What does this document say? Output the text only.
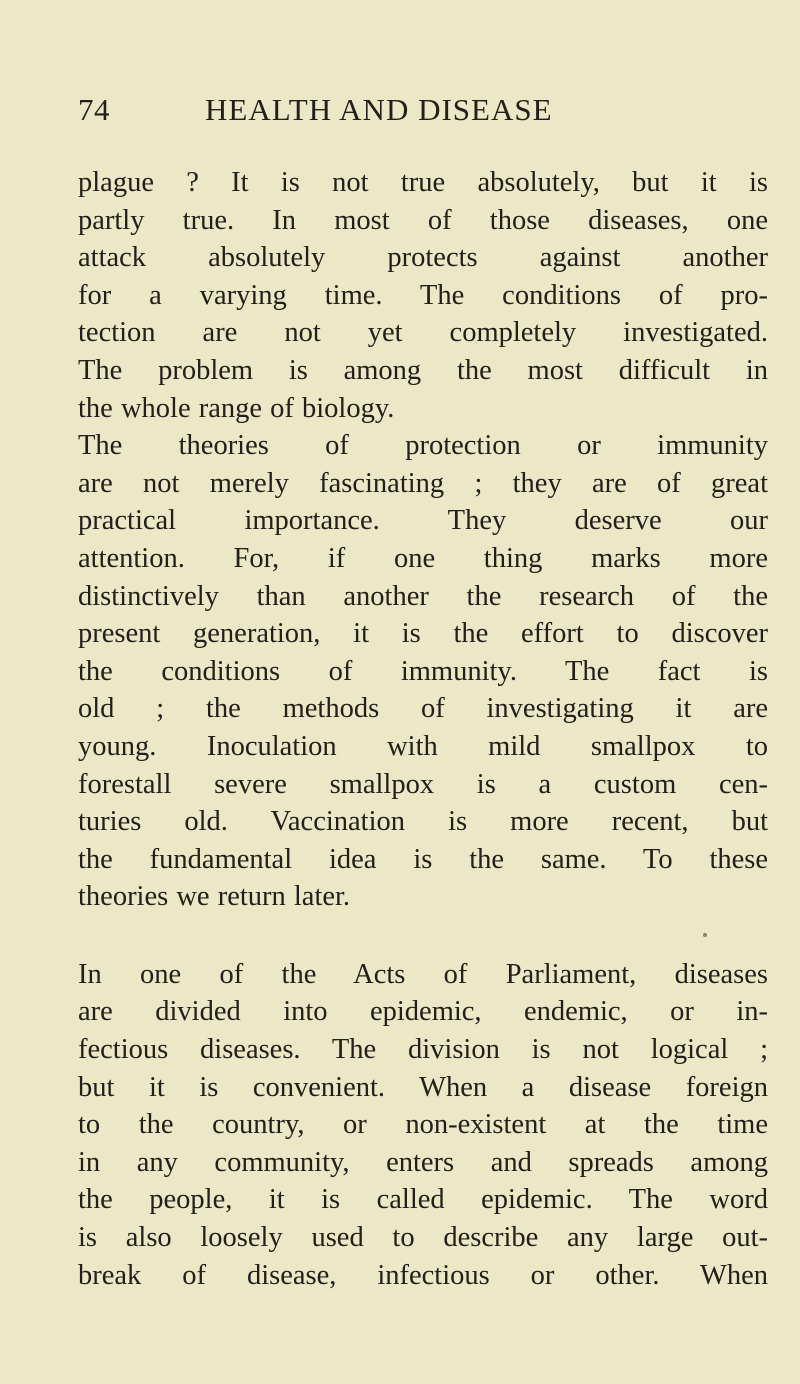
74	HEALTH AND DISEASE
plague ? It is not true absolutely, but it is
partly true. In most of those diseases, one
attack absolutely protects against another
for a varying time. The conditions of pro-
tection are not yet completely investigated.
The problem is among the most difficult in
the whole range of biology.
The theories of protection or immunity
are not merely fascinating ; they are of great
practical importance. They deserve our
attention. For, if one thing marks more
distinctively than another the research of the
present generation, it is the effort to discover
the conditions of immunity. The fact is
old ; the methods of investigating it are
young. Inoculation with mild smallpox to
forestall severe smallpox is a custom cen-
turies old. Vaccination is more recent, but
the fundamental idea is the same. To these
theories we return later.
In one of the Acts of Parliament, diseases
are divided into epidemic, endemic, or in-
fectious diseases. The division is not logical ;
but it is convenient. When a disease foreign
to the country, or non-existent at the time
in any community, enters and spreads among
the people, it is called epidemic. The word
is also loosely used to describe any large out-
break of disease, infectious or other. When
